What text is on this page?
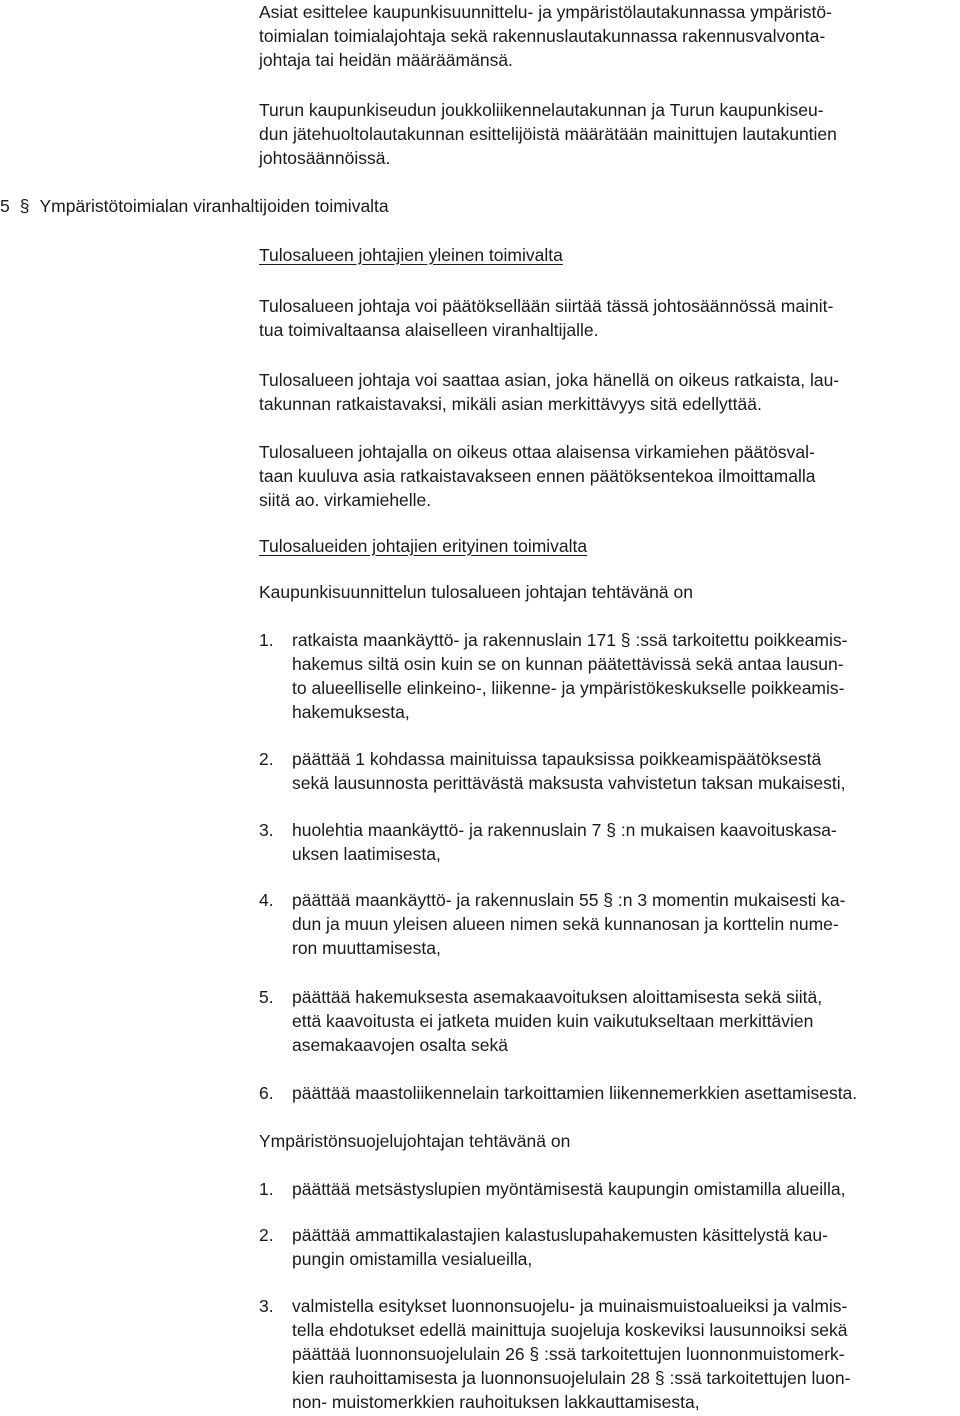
Asiat esittelee kaupunkisuunnittelu- ja ympäristölautakunnassa ympäristö-

toimialan toimialajohtaja sekä rakennuslautakunnassa rakennusvalvonta-

johtaja tai heidän määräämänsä.

Turun kaupunkiseudun joukkoliikennelautakunnan ja Turun kaupunkiseu-

dun jätehuoltolautakunnan esittelijöistä määrätään mainittujen lautakuntien

johtosäännöissä.

5 § Ympäristötoimialan viranhaltijoiden toimivalta

Tulosalueen johtajien yleinen toimivalta

Tulosalueen johtaja voi päätöksellään siirtää tässä johtosäännössä mainit-

tua toimivaltaansa alaiselleen viranhaltijalle.

Tulosalueen johtaja voi saattaa asian, joka hänellä on oikeus ratkaista, lau-

takunnan ratkaistavaksi, mikäli asian merkittävyys sitä edellyttää.

Tulosalueen johtajalla on oikeus ottaa alaisensa virkamiehen päätösval-

taan kuuluva asia ratkaistavakseen ennen päätöksentekoa ilmoittamalla

siitä ao. virkamiehelle.

Tulosalueiden johtajien erityinen toimivalta

Kaupunkisuunnittelun tulosalueen johtajan tehtävänä on

1. ratkaista maankäyttö- ja rakennuslain 171 § :ssä tarkoitettu poikkeamis-

hakemus siltä osin kuin se on kunnan päätettävissä sekä antaa lausun-

to alueelliselle elinkeino-, liikenne- ja ympäristökeskukselle poikkeamis-

hakemuksesta,

2. päättää 1 kohdassa mainituissa tapauksissa poikkeamispäätöksestä

sekä lausunnosta perittävästä maksusta vahvistetun taksan mukaisesti,

3. huolehtia maankäyttö- ja rakennuslain 7 § :n mukaisen kaavoituskasa-

uksen laatimisesta,

4. päättää maankäyttö- ja rakennuslain 55 § :n 3 momentin mukaisesti ka-

dun ja muun yleisen alueen nimen sekä kunnanosan ja korttelin nume-

ron muuttamisesta,

5. päättää hakemuksesta asemakaavoituksen aloittamisesta sekä siitä,

että kaavoitusta ei jatketa muiden kuin vaikutukseltaan merkittävien

asemakaavojen osalta sekä

6. päättää maastoliikennelain tarkoittamien liikennemerkkien asettamisesta.

Ympäristönsuojelujohtajan tehtävänä on

1. päättää metsästyslupien myöntämisestä kaupungin omistamilla alueilla,

2. päättää ammattikalastajien kalastuslupahakemusten käsittelystä kau-

pungin omistamilla vesialueilla,

3. valmistella esitykset luonnonsuojelu- ja muinaismuistoalueiksi ja valmis-

tella ehdotukset edellä mainittuja suojeluja koskeviksi lausunnoiksi sekä

päättää luonnonsuojelulain 26 § :ssä tarkoitettujen luonnonmuistomerk-

kien rauhoittamisesta ja luonnonsuojelulain 28 § :ssä tarkoitettujen luon-

non- muistomerkkien rauhoituksen lakkauttamisesta,
